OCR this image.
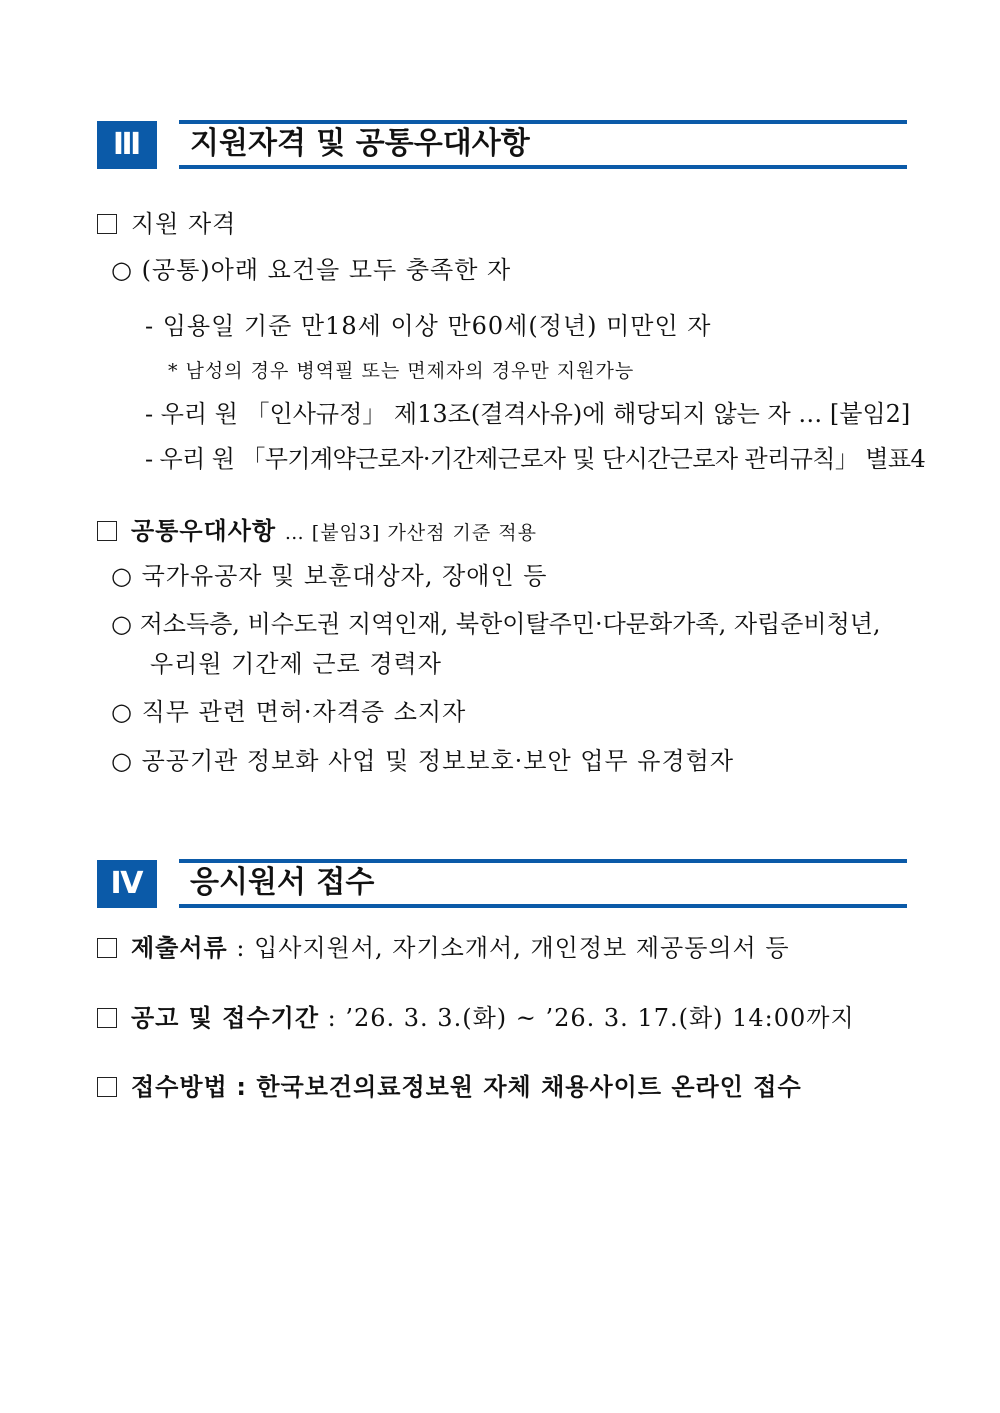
Ⅲ	지원자격 및 공통우대사항
지원 자격
○ (공통)아래 요건을 모두 충족한 자
- 임용일 기준 만18세 이상 만60세(정년) 미만인 자
* 남성의 경우 병역필 또는 면제자의 경우만 지원가능
- 우리 원 「인사규정」 제13조(결격사유)에 해당되지 않는 자 … [붙임2]
- 우리 원 「무기계약근로자·기간제근로자 및 단시간근로자 관리규칙」 별표4
공통우대사항 … [붙임3] 가산점 기준 적용
○ 국가유공자 및 보훈대상자, 장애인 등
○ 저소득층, 비수도권 지역인재, 북한이탈주민·다문화가족, 자립준비청년,
우리원 기간제 근로 경력자
○ 직무 관련 면허·자격증 소지자
○ 공공기관 정보화 사업 및 정보보호·보안 업무 유경험자
Ⅳ	응시원서 접수
제출서류 : 입사지원서, 자기소개서, 개인정보 제공동의서 등
공고 및 접수기간 : ’26. 3. 3.(화) ~ ’26. 3. 17.(화) 14:00까지
접수방법 : 한국보건의료정보원 자체 채용사이트 온라인 접수
